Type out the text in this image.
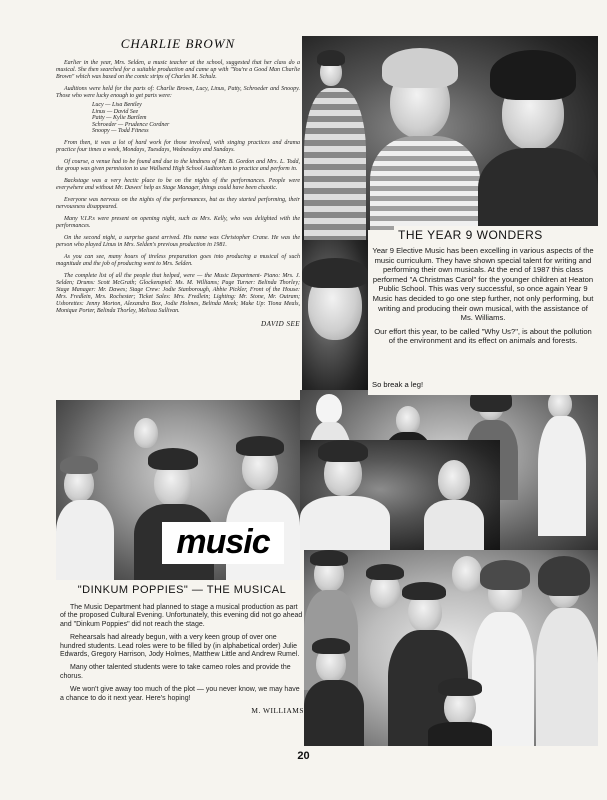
CHARLIE BROWN

Earlier in the year, Mrs. Selden, a music teacher at the school, suggested that her class do a musical. She then searched for a suitable production and came up with "You're a Good Man Charlie Brown" which was based on the comic strips of Charles M. Schulz.

Auditions were held for the parts of: Charlie Brown, Lucy, Linus, Patty, Schroeder and Snoopy. Those who were lucky enough to get parts were:

Lucy — Lisa Bentley
Linus — David See
Patty — Kylie Bartlem
Schroeder — Prudence Cordner
Snoopy — Todd Fitness

From then, it was a lot of hard work for those involved, with singing practices and drama practice four times a week, Mondays, Tuesdays, Wednesdays and Sundays.

Of course, a venue had to be found and due to the kindness of Mr. B. Gordon and Mrs. L. Todd, the group was given permission to use Wallsend High School Auditorium to practice and perform in.

Backstage was a very hectic place to be on the nights of the performances. People were everywhere and without Mr. Dawes' help as Stage Manager, things could have been chaotic.

Everyone was nervous on the nights of the performances, but as they started performing, their nervousness disappeared.

Many V.I.P.s were present on opening night, such as Mrs. Kelly, who was delighted with the performances.

On the second night, a surprise guest arrived. His name was Christopher Crane. He was the person who played Linus in Mrs. Selden's previous production in 1981.

As you can see, many hours of tireless preparation goes into producing a musical of such magnitude and the job of producing went to Mrs. Selden.

The complete list of all the people that helped, were — the Music Department- Piano: Mrs. J. Selden; Drums: Scott McGrath; Glockenspiel: Ms. M. Williams; Page Turner: Belinda Thorley; Stage Manager: Mr. Dawes; Stage Crew: Jodie Stanborough, Abbie Pickler, Front of the House: Mrs. Fredlein, Mrs. Rochester; Ticket Sales: Mrs. Fredlein; Lighting: Mr. Stone, Mr. Outram; Ushorettes: Jenny Morton, Alexandra Box, Jodie Holmes, Belinda Meek; Make Up: Tiona Meals, Monique Porter, Belinda Thorley, Melissa Sullivan.

DAVID SEE
THE YEAR 9 WONDERS

Year 9 Elective Music has been excelling in various aspects of the music curriculum. They have shown special talent for writing and performing their own musicals. At the end of 1987 this class performed "A Christmas Carol" for the younger children at Heaton Public School. This was very successful, so once again Year 9 Music has decided to go one step further, not only performing, but writing and producing their own musical, with the assistance of Ms. Williams.

Our effort this year, to be called "Why Us?", is about the pollution of the environment and its effect on animals and forests.

So break a leg!
music
"DINKUM POPPIES" — THE MUSICAL

The Music Department had planned to stage a musical production as part of the proposed Cultural Evening. Unfortunately, this evening did not go ahead and "Dinkum Poppies" did not reach the stage.

Rehearsals had already begun, with a very keen group of over one hundred students. Lead roles were to be filled by (in alphabetical order) Julie Edwards, Gregory Harrison, Jody Holmes, Matthew Little and Andrew Rumel.

Many other talented students were to take cameo roles and provide the chorus.

We won't give away too much of the plot — you never know, we may have a chance to do it next year. Here's hoping!

M. WILLIAMS
20
